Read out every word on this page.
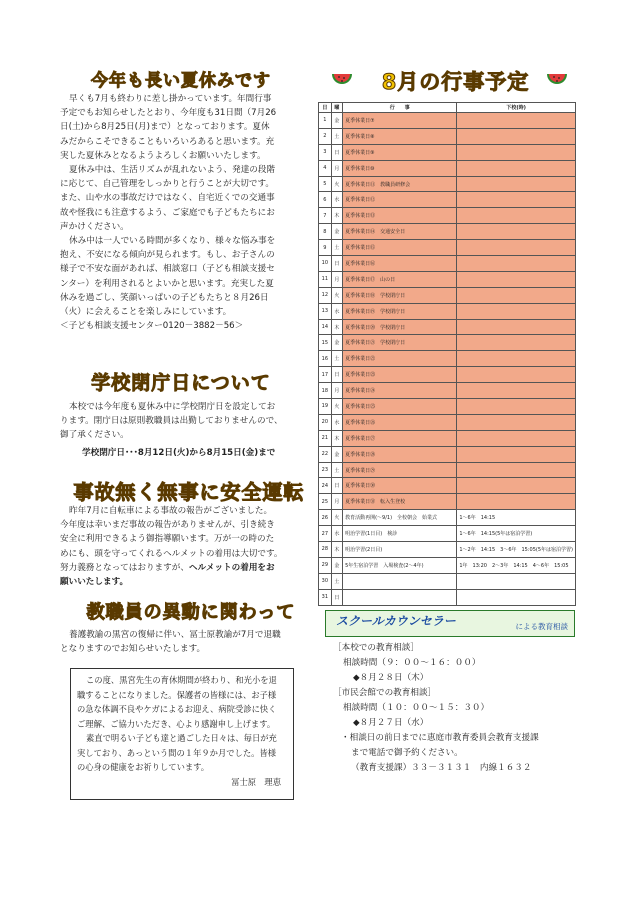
今年も長い夏休みです
早くも7月も終わりに差し掛かっています。年間行事
予定でもお知らせしたとおり、今年度も31日間（7月26
日(土)から8月25日(月)まで）となっております。夏休
みだからこそできることもいろいろあると思います。充
実した夏休みとなるようよろしくお願いいたします。
夏休み中は、生活リズムが乱れないよう、発達の段階
に応じて、自己管理をしっかりと行うことが大切です。
また、山や水の事故だけではなく、自宅近くでの交通事
故や怪我にも注意するよう、ご家庭でも子どもたちにお
声かけください。
休み中は一人でいる時間が多くなり、様々な悩み事を
抱え、不安になる傾向が見られます。もし、お子さんの
様子で不安な面があれば、相談窓口（子ども相談支援セ
ンター）を利用されるとよいかと思います。充実した夏
休みを過ごし、笑顔いっぱいの子どもたちと８月26日
（火）に会えることを楽しみにしています。
＜子ども相談支援センター0120－3882－56＞
学校閉庁日について
本校では今年度も夏休み中に学校閉庁日を設定してお
ります。閉庁日は原則教職員は出勤しておりませんので、
御了承ください。
学校閉庁日･･･8月12日(火)から8月15日(金)まで
事故無く無事に安全運転
昨年7月に自転車による事故の報告がございました。
今年度は幸いまだ事故の報告がありませんが、引き続き
安全に利用できるよう御指導願います。万が一の時のた
めにも、頭を守ってくれるヘルメットの着用は大切です。
努力義務となってはおりますが、ヘルメットの着用をお
願いいたします。
教職員の異動に関わって
養護教諭の黒宮の復帰に伴い、冨士原教諭が7月で退職
となりますのでお知らせいたします。
この度、黒宮先生の育休期間が終わり、和光小を退
職することになりました。保護者の皆様には、お子様
の急な体調不良やケガによるお迎え、病院受診に快く
ご理解、ご協力いただき、心より感謝申し上げます。
素直で明るい子ども達と過ごした日々は、毎日が充
実しており、あっという間の１年９か月でした。皆様
の心身の健康をお祈りしています。
冨士原　理恵
8月の行事予定
日	曜	行　　事	下校(時)
1	金	夏季休業日⑦	
2	土	夏季休業日⑧	
3	日	夏季休業日⑨	
4	月	夏季休業日⑩	
5	火	夏季休業日⑪　教職員研修会	
6	水	夏季休業日⑫	
7	木	夏季休業日⑬	
8	金	夏季休業日⑭　交通安全日	
9	土	夏季休業日⑮	
10	日	夏季休業日⑯	
11	月	夏季休業日⑰　山の日	
12	火	夏季休業日⑱　学校閉庁日	
13	水	夏季休業日⑲　学校閉庁日	
14	木	夏季休業日⑳　学校閉庁日	
15	金	夏季休業日㉑　学校閉庁日	
16	土	夏季休業日㉒	
17	日	夏季休業日㉓	
18	月	夏季休業日㉔	
19	火	夏季休業日㉕	
20	水	夏季休業日㉖	
21	木	夏季休業日㉗	
22	金	夏季休業日㉘	
23	土	夏季休業日㉙	
24	日	夏季休業日㉚	
25	月	夏季休業日㉛　転入生登校	
26	火	教育活動再開(～9/1)　全校朝会　始業式	1～6年　14:15
27	水	明治学習(1日目)　検診	1～6年　14:15(5年は宿泊学習)
28	木	明治学習(2日目)　	1～2年　14:15　3～6年　15:05(5年は宿泊学習)
29	金	5年生宿泊学習　入場検査(2～4年)	1年　13:20　2～3年　14:15　4～6年　15:05
30	土		
31	日		
スクールカウンセラー	による教育相談
［本校での教育相談］
相談時間（９：００～１６：００）
◆８月２８日（木）
［市民会館での教育相談］
相談時間（１０：００～１５：３０）
◆８月２７日（水）
・相談日の前日までに恵庭市教育委員会教育支援課
まで電話で御予約ください。
（教育支援課）３３－３１３１　内線１６３２
